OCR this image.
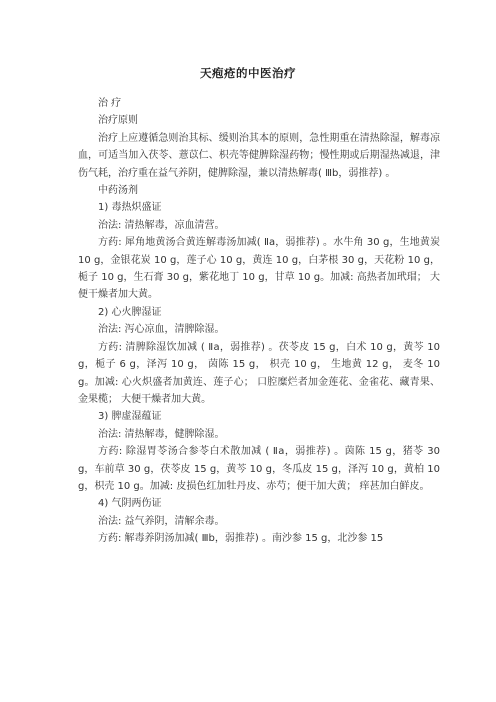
天疱疮的中医治疗

治 疗

治疗原则

治疗上应遵循急则治其标、缓则治其本的原则，急性期重在清热除湿，解毒凉血，可适当加入茯苓、薏苡仁、枳壳等健脾除湿药物；慢性期或后期湿热减退，津伤气耗，治疗重在益气养阴，健脾除湿，兼以清热解毒( Ⅲb，弱推荐) 。

中药汤剂

1) 毒热炽盛证

治法: 清热解毒，凉血清营。

方药: 犀角地黄汤合黄连解毒汤加减( Ⅱa，弱推荐) 。水牛角 30 g，生地黄炭 10 g，金银花炭 10 g，莲子心 10 g，黄连 10 g，白茅根 30 g，天花粉 10 g，栀子 10 g，生石膏 30 g，紫花地丁 10 g，甘草 10 g。加减: 高热者加玳瑁； 大便干燥者加大黄。

2) 心火脾湿证

治法: 泻心凉血，清脾除湿。

方药: 清脾除湿饮加减 ( Ⅱa，弱推荐) 。茯苓皮 15 g，白术 10 g，黄芩 10 g，栀子 6 g，泽泻 10 g， 茵陈 15 g， 枳壳 10 g， 生地黄 12 g， 麦冬 10 g。加减: 心火炽盛者加黄连、莲子心； 口腔糜烂者加金莲花、金雀花、藏青果、金果榄； 大便干燥者加大黄。

3) 脾虚湿蕴证

治法: 清热解毒，健脾除湿。

方药: 除湿胃苓汤合参苓白术散加减 ( Ⅱa，弱推荐) 。茵陈 15 g，猪苓 30 g，车前草 30 g，茯苓皮 15 g，黄芩 10 g，冬瓜皮 15 g，泽泻 10 g，黄柏 10 g，枳壳 10 g。加减: 皮损色红加牡丹皮、赤芍；便干加大黄； 痒甚加白鲜皮。

4) 气阴两伤证

治法: 益气养阴，清解余毒。

方药: 解毒养阴汤加减( Ⅲb，弱推荐) 。南沙参 15 g，北沙参 15
